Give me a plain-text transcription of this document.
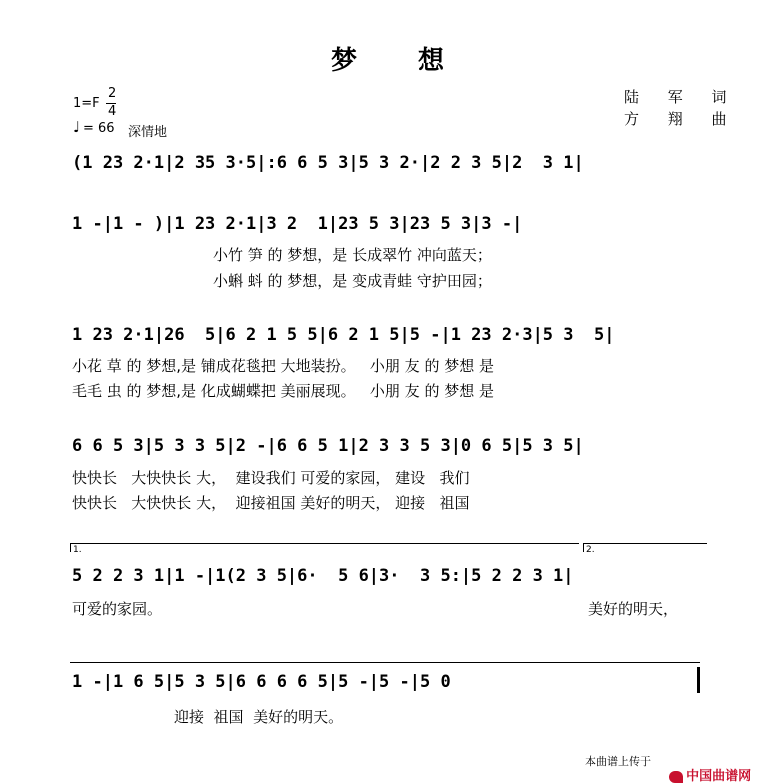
梦 想
1=F
2
4
♩ = 66 深情地
陆 军 词
方 翔 曲
(1 23 2·1|2 35 3·5|:6 6 5 3|5 3 2·|2 2 3 5|2  3 1|
1 -|1 - )|1 23 2·1|3 2  1|23 5 3|23 5 3|3 -|
小竹 笋 的 梦想，是 长成翠竹 冲向蓝天；
小蝌 蚪 的 梦想，是 变成青蛙 守护田园；
1 23 2·1|26  5|6 2 1 5 5|6 2 1 5|5 -|1 23 2·3|5 3  5|
小花 草 的 梦想,是 铺成花毯把 大地装扮。   小朋 友 的 梦想 是
毛毛 虫 的 梦想,是 化成蝴蝶把 美丽展现。   小朋 友 的 梦想 是
6 6 5 3|5 3 3 5|2 -|6 6 5 1|2 3 3 5 3|0 6 5|5 3 5|
快快长   大快快长 大，  建设我们 可爱的家园， 建设   我们
快快长   大快快长 大，  迎接祖国 美好的明天， 迎接   祖国
1.	2.
5 2 2 3 1|1 -|1(2 3 5|6·  5 6|3·  3 5:|5 2 2 3 1|
可爱的家园。	美好的明天，
1 -|1 6 5|5 3 5|6 6 6 6 5|5 -|5 -|5 0
迎接  祖国  美好的明天。
本曲谱上传于

中国曲谱网
